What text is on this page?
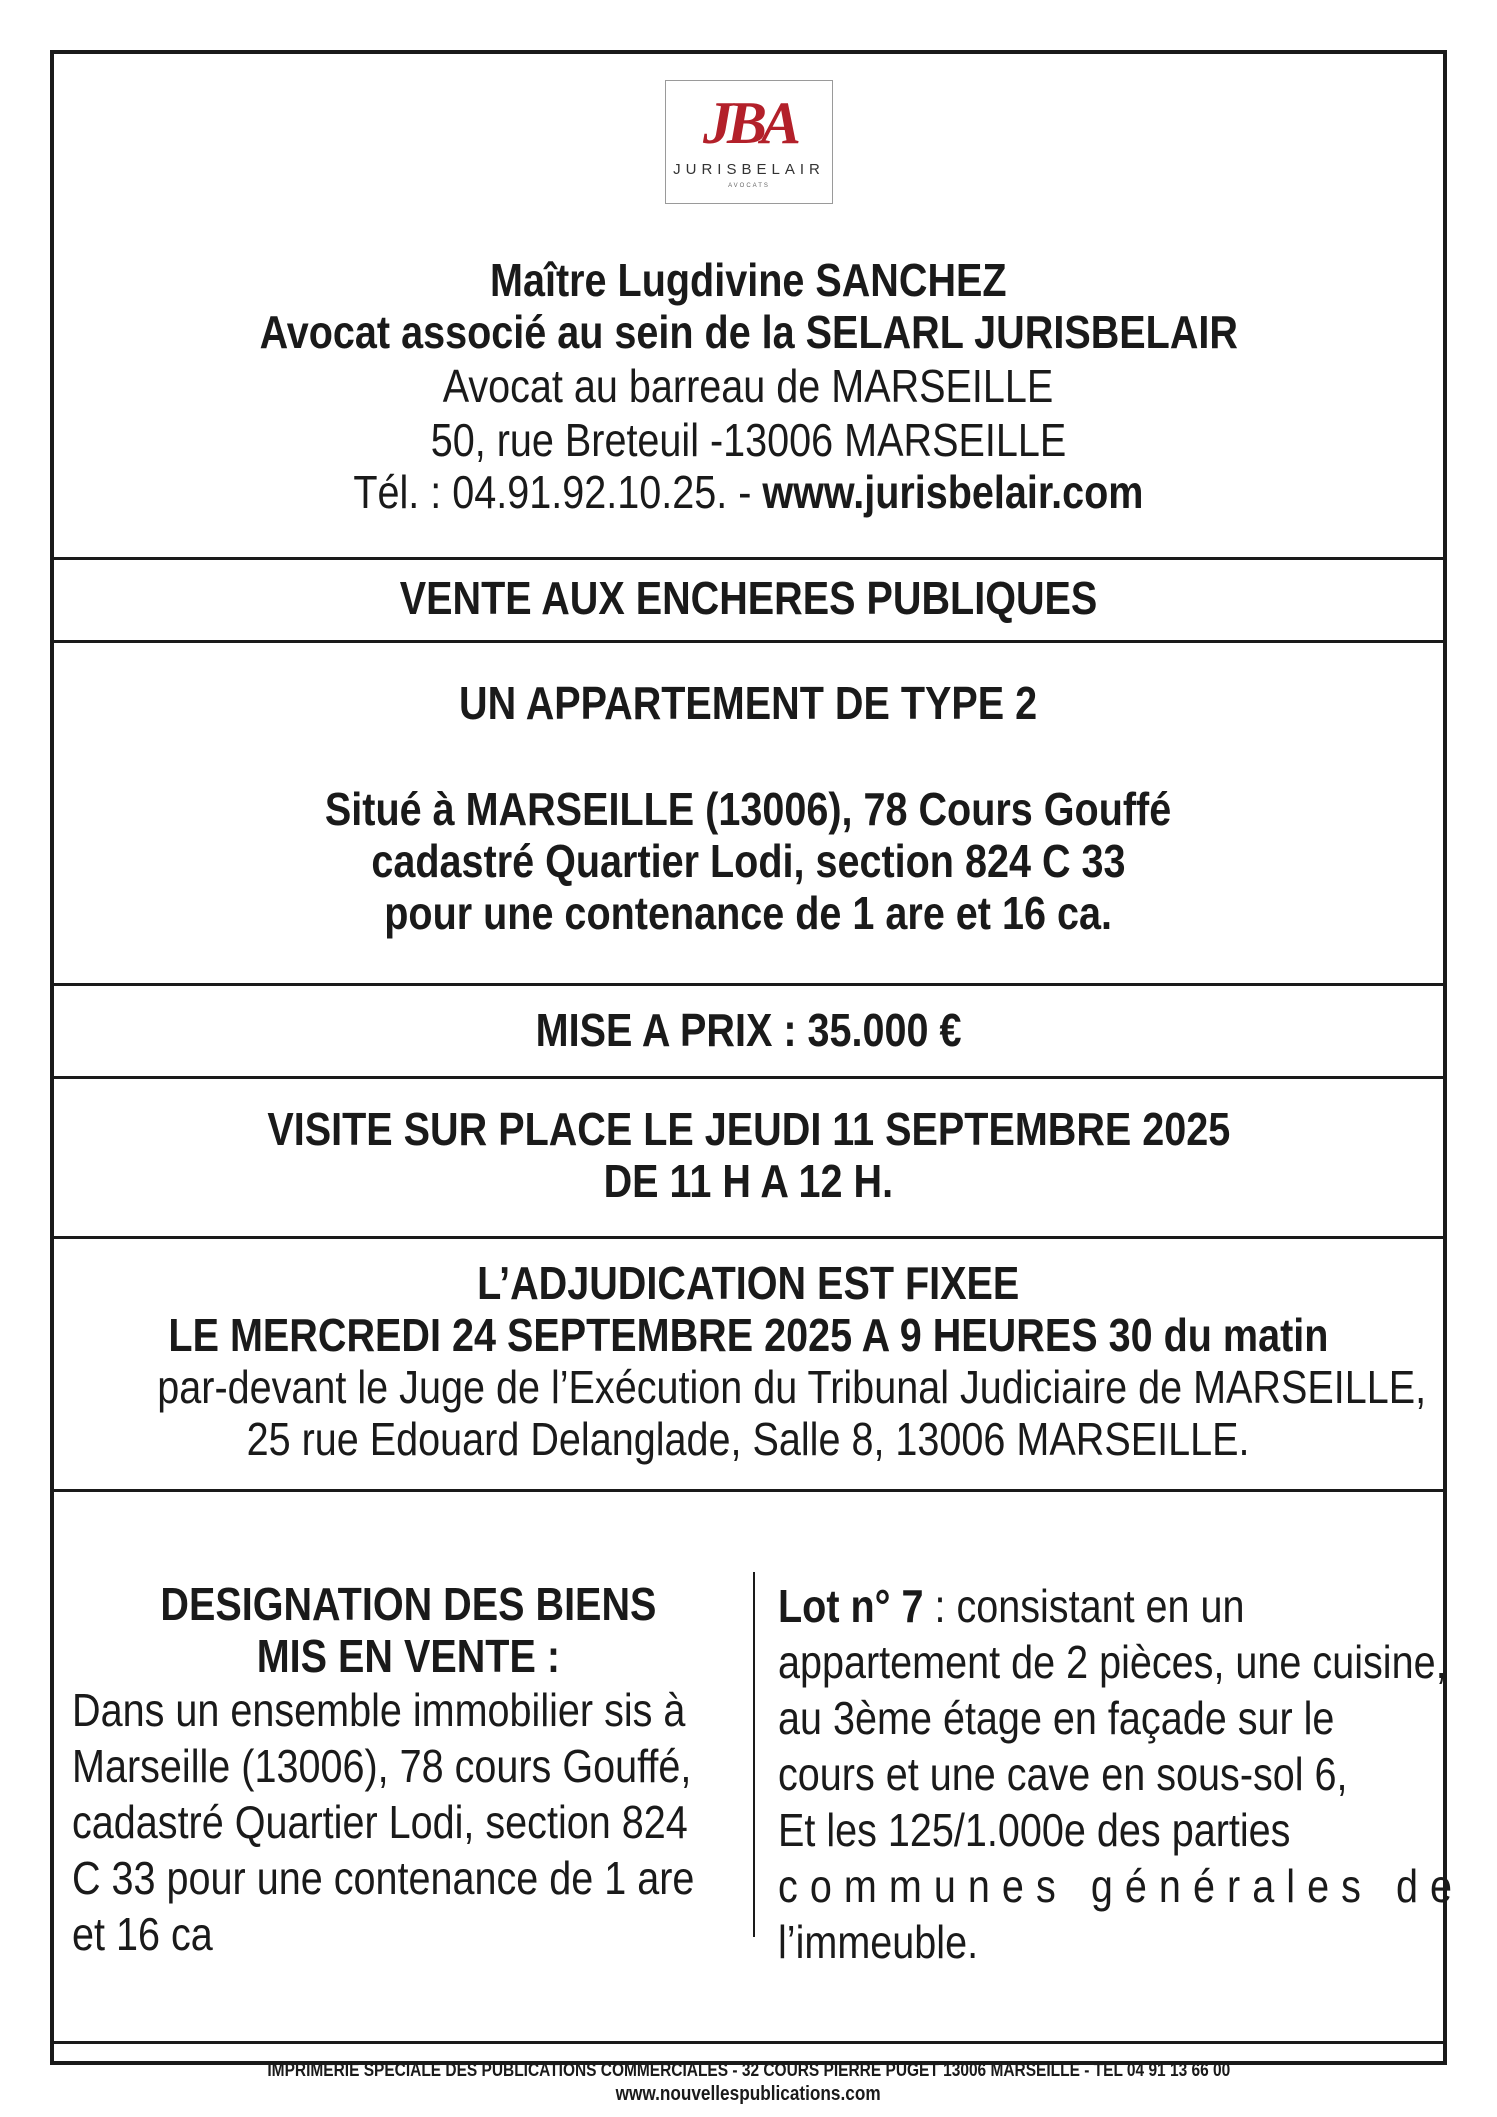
JBA
JURISBELAIR
AVOCATS
Maître Lugdivine SANCHEZ
Avocat associé au sein de la SELARL JURISBELAIR
Avocat au barreau de MARSEILLE
50, rue Breteuil -13006 MARSEILLE
Tél. : 04.91.92.10.25. - www.jurisbelair.com
VENTE AUX ENCHERES PUBLIQUES
UN APPARTEMENT DE TYPE 2
Situé à MARSEILLE (13006), 78 Cours Gouffé
cadastré Quartier Lodi, section 824 C 33
pour une contenance de 1 are et 16 ca.
MISE A PRIX : 35.000 €
VISITE SUR PLACE LE JEUDI 11 SEPTEMBRE 2025
DE 11 H A 12 H.
L’ADJUDICATION EST FIXEE
LE MERCREDI 24 SEPTEMBRE 2025 A 9 HEURES 30 du matin
par-devant le Juge de l’Exécution du Tribunal Judiciaire de MARSEILLE,
25 rue Edouard Delanglade, Salle 8, 13006 MARSEILLE.
DESIGNATION DES BIENS
MIS EN VENTE :
Dans un ensemble immobilier sis à
Marseille (13006), 78 cours Gouffé,
cadastré Quartier Lodi, section 824
C 33 pour une contenance de 1 are
et 16 ca
Lot n° 7 : consistant en un
appartement de 2 pièces, une cuisine,
au 3ème étage en façade sur le
cours et une cave en sous-sol 6,
Et les 125/1.000e des parties
communes générales de
l’immeuble.
IMPRIMERIE SPECIALE DES PUBLICATIONS COMMERCIALES - 32 COURS PIERRE PUGET 13006 MARSEILLE - TEL 04 91 13 66 00
www.nouvellespublications.com
